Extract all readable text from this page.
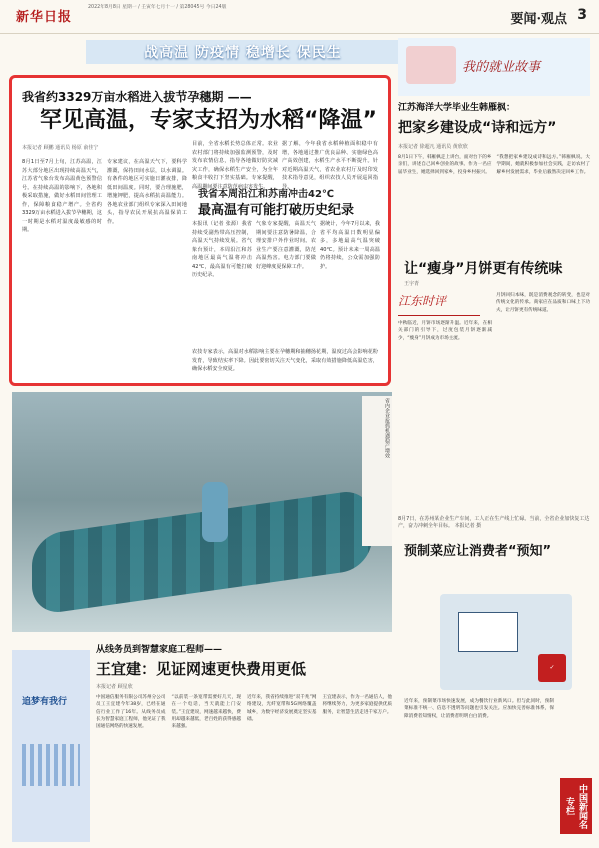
新华日报
2022年8月8日 星期一 / 壬寅年七月十一 / 第28045号 今日24版
要闻·观点 3
战高温 防疫情 稳增长 保民生
我的就业故事
我省约3329万亩水稻进入拔节孕穗期 ——
罕见高温，专家支招为水稻“降温”
本报记者 顾鹏 通讯员 杨原 俞佳宁
8月1日至7月上旬，江苏高温，江苏大部分地区出现持续高温天气，江苏省气象台发布高温黄色预警信号。在持续高温的影响下，各地积极采取措施，做好水稻田间管理工作，保障粮食稳产增产。全省约3329万亩水稻进入拔节孕穗期，这一时期是水稻对温度最敏感的时期。
专家建议，在高温天气下，要科学灌溉，保持田间水层，以水调温。有条件的地区可实施日灌夜排，降低田间温度。同时，要合理施肥，增施钾肥，提高水稻抗高温能力。各地农业部门组织专家深入田间地头，指导农民开展抗高温保苗工作。
目前，全省水稻长势总体正常。农业农村部门将持续加强监测预警，及时发布农情信息，指导各地做好防灾减灾工作，确保水稻生产安全，为全年粮食丰收打下坚实基础。专家提醒，高温期间要注意防范病虫害发生。
据了解，今年我省水稻种植面积稳中有增，各地通过推广优良品种、实施绿色高产高效创建，水稻生产水平不断提升。针对近期高温天气，省农业农村厅及时印发技术指导意见，组织农技人员开展巡回指导。
农技专家表示，高温对水稻影响主要在孕穗期和抽穗扬花期，温度过高会影响花粉发育，导致结实率下降。因此要密切关注天气变化，采取有效措施降低高温危害，确保水稻安全度夏。
我省本周沿江和苏南冲击42℃
最高温有可能打破历史纪录
本报讯（记者 张源）我省持续受副热带高压控制，高温天气持续发展。省气象台预计，本周沿江和苏南地区最高气温将冲击42℃，最高温有可能打破历史纪录。
气象专家提醒，高温天气期间要注意防暑降温，合理安排户外作业时间。农业生产要注意灌溉，防范高温热害。电力部门要做好迎峰度夏保障工作。
据统计，今年7月以来，我省平均高温日数明显偏多，多地最高气温突破40℃。预计未来一周高温仍将持续，公众需加强防护。
江苏海洋大学毕业生韩雁枫：
把家乡建设成“诗和远方”
本报记者 徐超凡 通讯员 黄欣欣
8月1日下午，韩雁枫走上讲台，面对台下的乡亲们，讲述自己回乡创业的故事。作为一名应届毕业生，她选择回到家乡，投身乡村振兴。
“我想把家乡建设成诗和远方。”韩雁枫说。大学期间，她就积极参加社会实践，走访农村了解乡村发展需求，毕业后毅然决定回乡工作。
让“瘦身”月饼更有传统味
王宇青
江东时评
中秋临近，月饼市场逐渐升温。近年来，在相关部门的引导下，过度包装月饼逐渐减少，“瘦身”月饼成为市场主流。
月饼回归本味，既是消费观念的转变，也是对传统文化的传承。商家应在品质和口味上下功夫，让月饼更有传统味道。
省内企业抢抓机遇稳产增效
8月7日，在苏州某企业生产车间，工人正在生产线上忙碌。当前，全省企业加快复工达产，奋力冲刺全年目标。 本报记者 摄
预制菜应让消费者“预知”
✓
近年来，预制菜市场快速发展，成为餐饮行业新风口。但与此同时，预制菜标准不统一、信息不透明等问题也引发关注。应加快完善标准体系，保障消费者知情权，让消费者明明白白消费。
中国新闻名专栏
追梦有我行
从线务员到智慧家庭工程师——
王宜建：见证网速更快费用更低
本报记者 顾星欣
中国通信服务有限公司苏州分公司员工王宜建今年38岁，已经在通信行业工作了16年。从线务员成长为智慧家庭工程师，他见证了我国通信网络的快速发展。
“以前装一条宽带需要好几天，现在一个电话，当天就能上门安装。”王宜建说，网速越来越快，费用却越来越低，老百姓的获得感越来越强。
近年来，我省持续推进“双千兆”网络建设，光纤宽带和5G网络覆盖城乡，为数字经济发展奠定坚实基础。
王宜建表示，作为一名通信人，他将继续努力，为更多家庭提供优质服务，让智慧生活走进千家万户。
